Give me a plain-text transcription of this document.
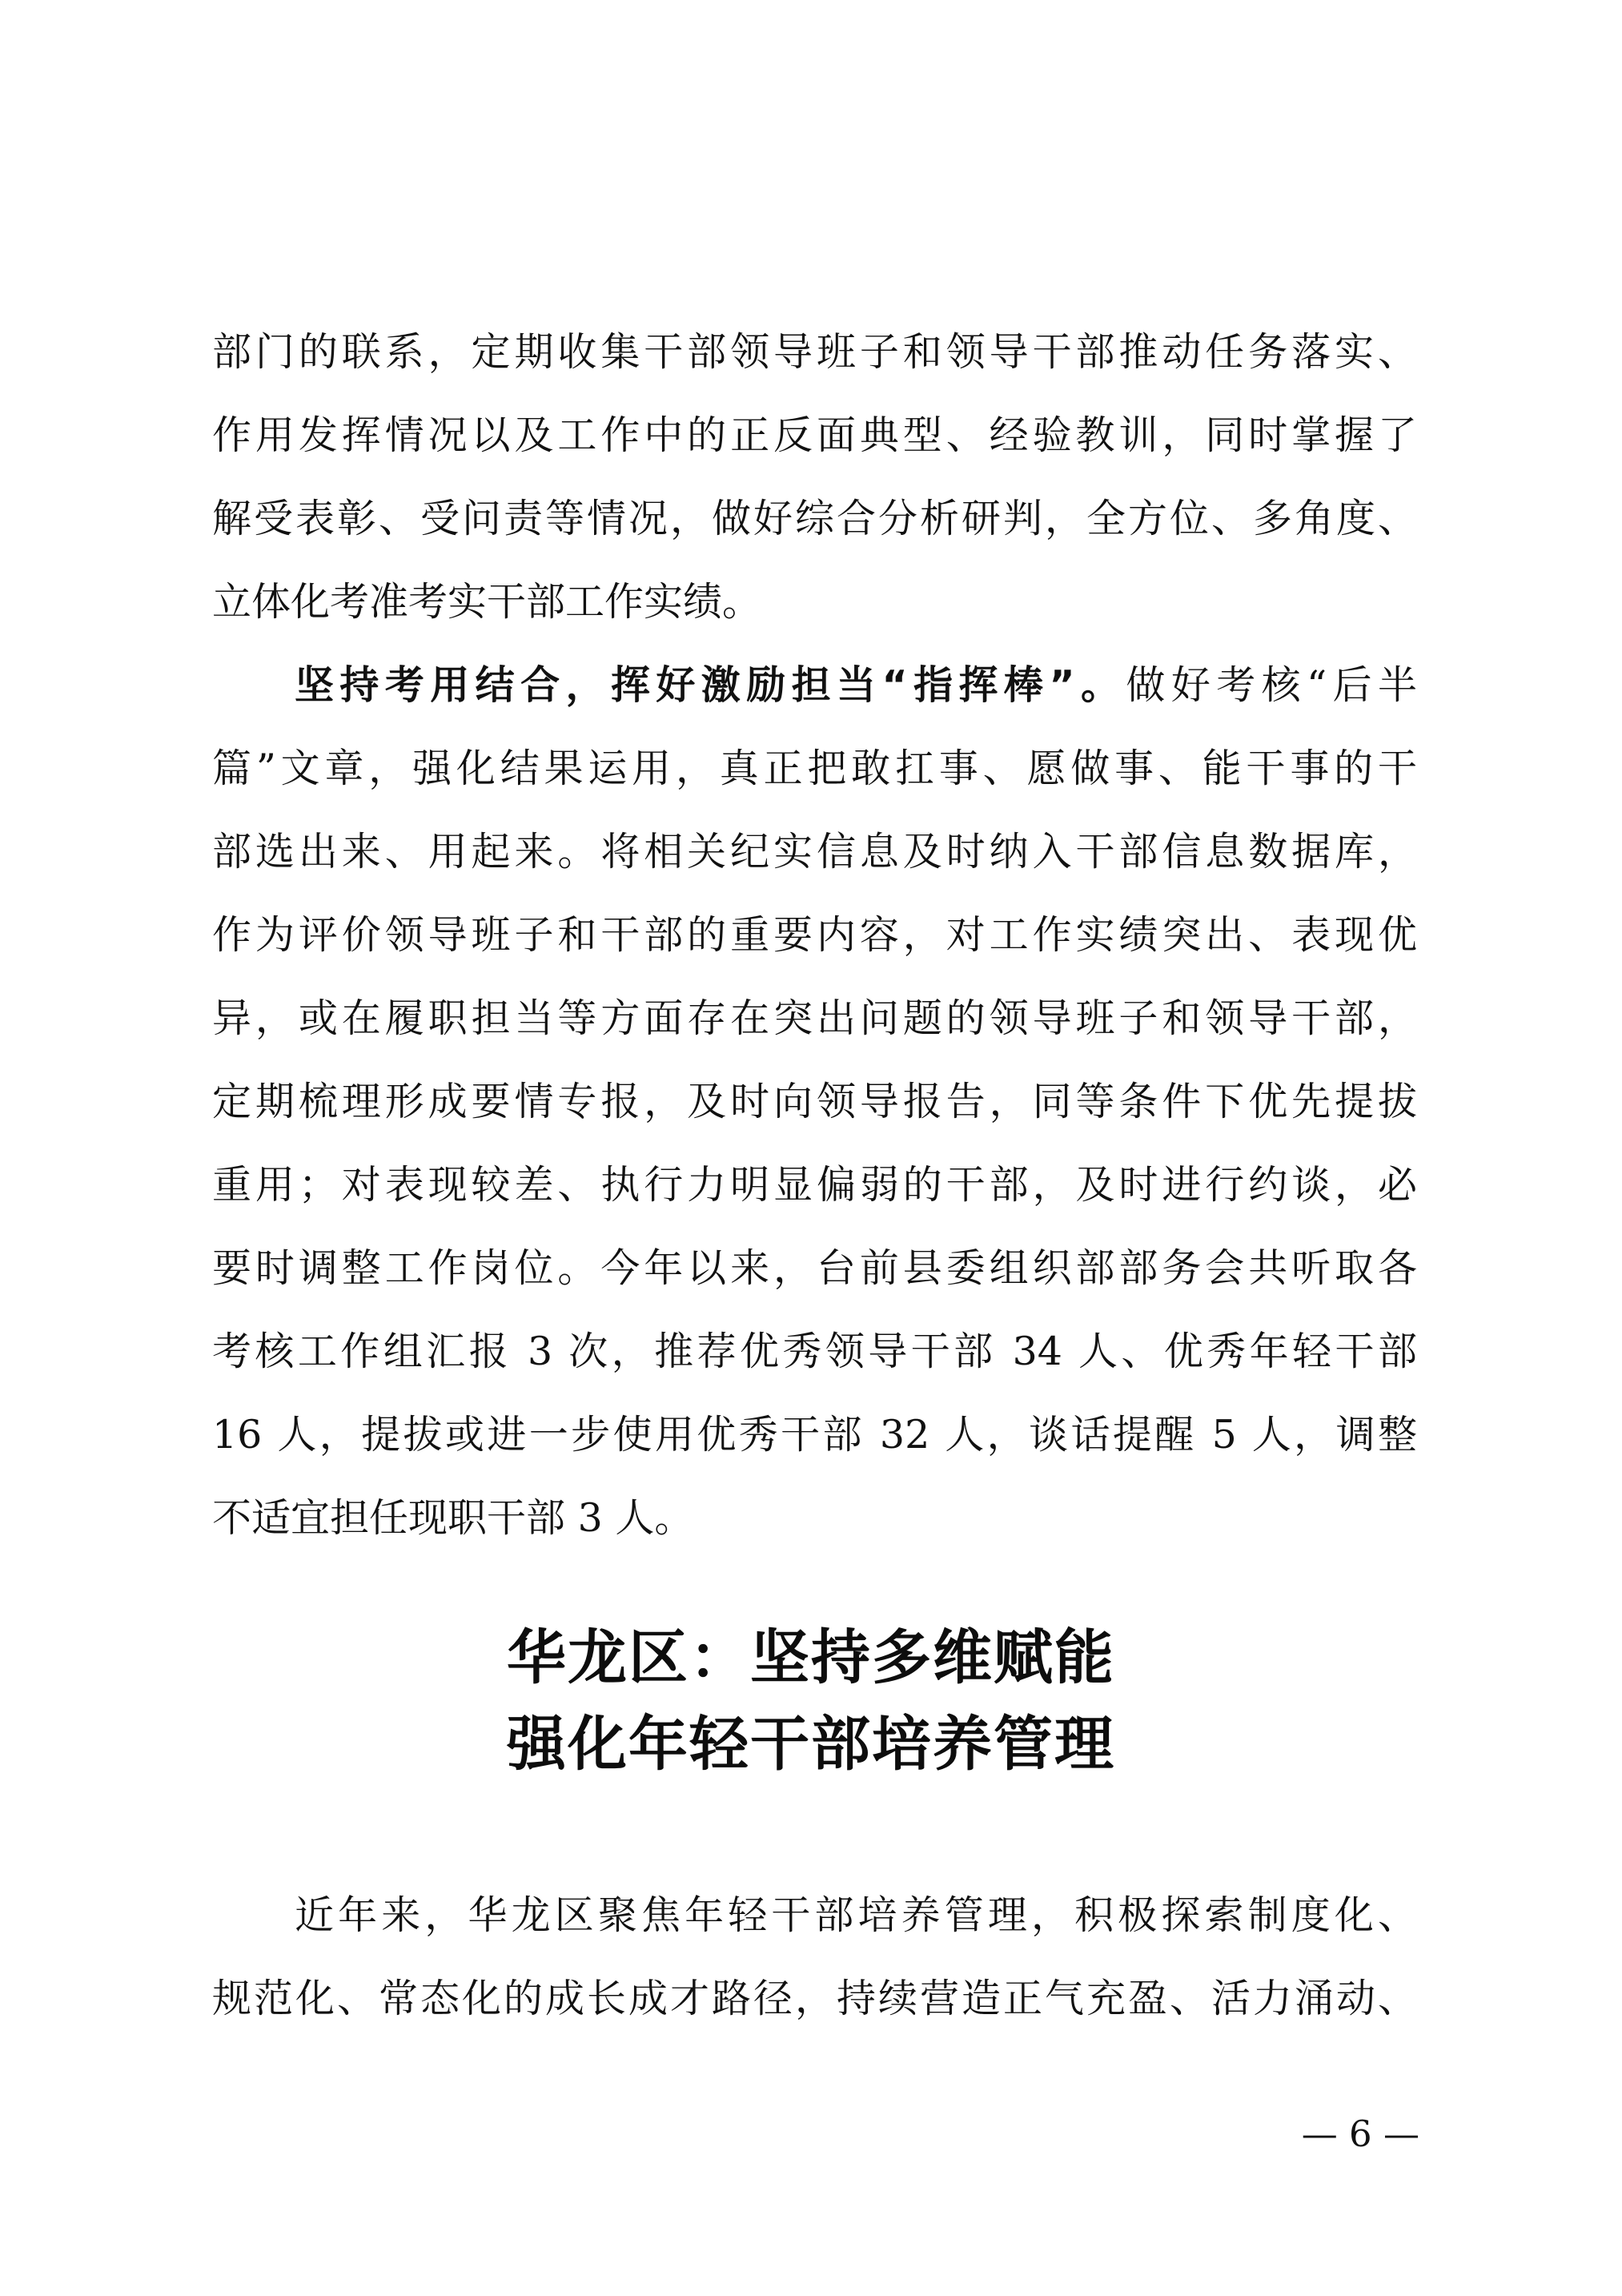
部门的联系，定期收集干部领导班子和领导干部推动任务落实、
作用发挥情况以及工作中的正反面典型、经验教训，同时掌握了
解受表彰、受问责等情况，做好综合分析研判，全方位、多角度、
立体化考准考实干部工作实绩。
坚持考用结合，挥好激励担当“指挥棒”。做好考核“后半
篇”文章，强化结果运用，真正把敢扛事、愿做事、能干事的干
部选出来、用起来。将相关纪实信息及时纳入干部信息数据库，
作为评价领导班子和干部的重要内容，对工作实绩突出、表现优
异，或在履职担当等方面存在突出问题的领导班子和领导干部，
定期梳理形成要情专报，及时向领导报告，同等条件下优先提拔
重用；对表现较差、执行力明显偏弱的干部，及时进行约谈，必
要时调整工作岗位。今年以来，台前县委组织部部务会共听取各
考核工作组汇报 3 次，推荐优秀领导干部 34 人、优秀年轻干部
16 人，提拔或进一步使用优秀干部 32 人，谈话提醒 5 人，调整
不适宜担任现职干部 3 人。
华龙区：坚持多维赋能
强化年轻干部培养管理
近年来，华龙区聚焦年轻干部培养管理，积极探索制度化、
规范化、常态化的成长成才路径，持续营造正气充盈、活力涌动、
— 6 —
